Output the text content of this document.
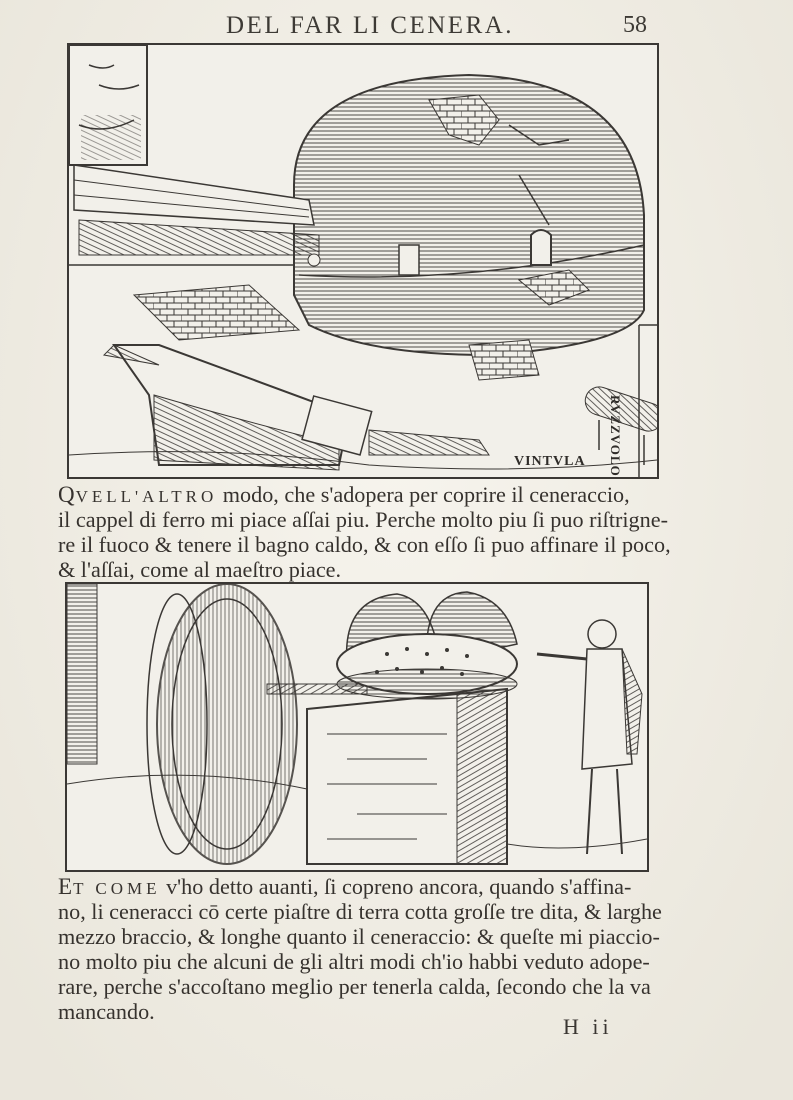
DEL FAR LI CENERA.	58
VINTVLA RVZZVOLO
QVELL'ALTRO modo, che s'adopera per coprire il ceneraccio,
il cappel di ferro mi piace aſſai piu. Perche molto piu ſi puo riſtrigne-
re il fuoco & tenere il bagno caldo, & con eſſo ſi puo affinare il poco,
& l'aſſai, come al maeſtro piace.
ET COME v'ho detto auanti, ſi copreno ancora, quando s'affina-
no, li ceneracci cō certe piaſtre di terra cotta groſſe tre dita, & larghe
mezzo braccio, & longhe quanto il ceneraccio: & queſte mi piaccio-
no molto piu che alcuni de gli altri modi ch'io habbi veduto adope-
rare, perche s'accoſtano meglio per tenerla calda, ſecondo che la va
mancando.
H ii
